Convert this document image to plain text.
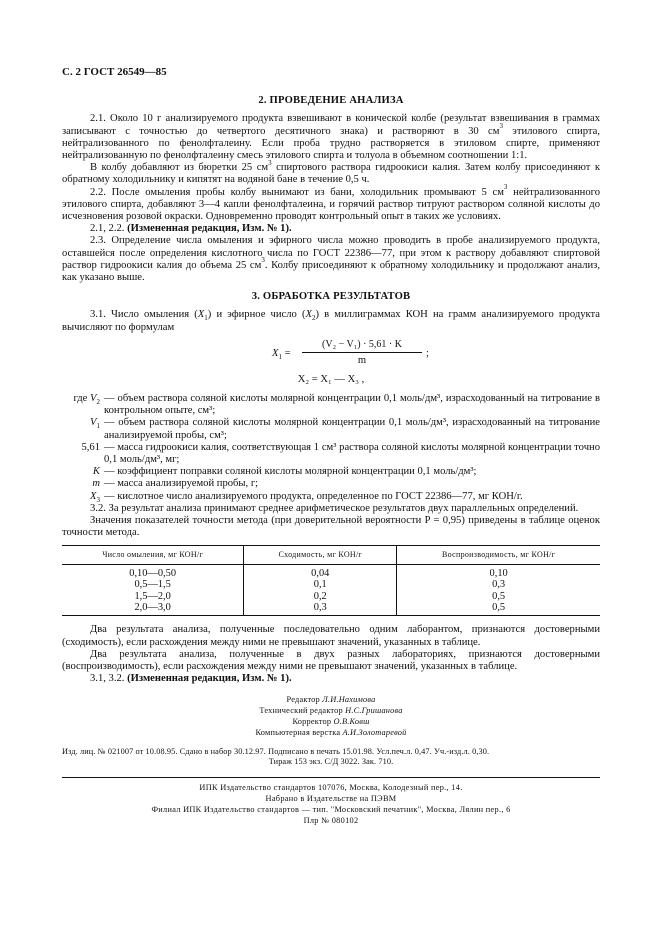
С. 2 ГОСТ 26549—85
2. ПРОВЕДЕНИЕ АНАЛИЗА

2.1. Около 10 г анализируемого продукта взвешивают в конической колбе (результат взвешивания в граммах записывают с точностью до четвертого десятичного знака) и растворяют в 30 $см^3$ этилового спирта, нейтрализованного по фенолфталеину. Если проба трудно растворяется в этиловом спирте, применяют нейтрализованную по фенолфталеину смесь этилового спирта и толуола в объемном соотношении 1:1.

В колбу добавляют из бюретки 25 $см^3$ спиртового раствора гидроокиси калия. Затем колбу присоединяют к обратному холодильнику и кипятят на водяной бане в течение 0,5 ч.

2.2. После омыления пробы колбу вынимают из бани, холодильник промывают 5 $см^3$ нейтрализованного этилового спирта, добавляют 3—4 капли фенолфталеина, и горячий раствор титруют раствором соляной кислоты до исчезновения розовой окраски. Одновременно проводят контрольный опыт в таких же условиях.

2.1, 2.2. (Измененная редакция, Изм. № 1).

2.3. Определение числа омыления и эфирного числа можно проводить в пробе анализируемого продукта, оставшейся после определения кислотного числа по ГОСТ 22386—77, при этом к раствору добавляют спиртовой раствор гидроокиси калия до объема 25 $см^3$. Колбу присоединяют к обратному холодильнику и продолжают анализ, как указано выше.

3. ОБРАБОТКА РЕЗУЛЬТАТОВ

3.1. Число омыления $(X_1)$ и эфирное число $(X_2)$ в миллиграммах КОН на грамм анализируемого продукта вычисляют по формулам

$X_1 = \frac{\text{(V₂ − V₁) · 5,61 · K}}{m}$ ;
X₂ = X₁ — X₃ ,
где $V_2$ — объем раствора соляной кислоты молярной концентрации 0,1 моль/дм³, израсходованный на титрование в контрольном опыте, см³;
$V_1$ — объем раствора соляной кислоты молярной концентрации 0,1 моль/дм³, израсходованный на титрование анализируемой пробы, см³;
5,61 — масса гидроокиси калия, соответствующая 1 см³ раствора соляной кислоты молярной концентрации точно 0,1 моль/дм³, мг;
K — коэффициент поправки соляной кислоты молярной концентрации 0,1 моль/дм³;
m — масса анализируемой пробы, г;
$X_3$ — кислотное число анализируемого продукта, определенное по ГОСТ 22386—77, мг КОН/г.

3.2. За результат анализа принимают среднее арифметическое результатов двух параллельных определений.

Значения показателей точности метода (при доверительной вероятности P = 0,95) приведены в таблице оценок точности метода.

Число омыления, мг КОН/г	Сходимость, мг КОН/г	Воспроизводимость, мг КОН/г
0,10—0,50	0,04	0,10
0,5—1,5	0,1	0,3
1,5—2,0	0,2	0,5
2,0—3,0	0,3	0,5

Два результата анализа, полученные последовательно одним лаборантом, признаются достоверными (сходимость), если расхождения между ними не превышают значений, указанных в таблице.

Два результата анализа, полученные в двух разных лабораториях, признаются достоверными (воспроизводимость), если расхождения между ними не превышают значений, указанных в таблице.

3.1, 3.2. (Измененная редакция, Изм. № 1).

Редактор Л.И.Нахимова
Технический редактор Н.С.Гришанова
Корректор О.В.Ковш
Компьютерная верстка А.И.Золотаревой
Изд. лиц. № 021007 от 10.08.95. Сдано в набор 30.12.97. Подписано в печать 15.01.98. Усл.печ.л. 0,47. Уч.-изд.л. 0,30.
Тираж 153 экз. С/Д 3022. Зак. 710.
ИПК Издательство стандартов 107076, Москва, Колодезный пер., 14.
Набрано в Издательстве на ПЭВМ
Филиал ИПК Издательство стандартов — тип. "Московский печатник", Москва, Лялин пер., 6
Плр № 080102
